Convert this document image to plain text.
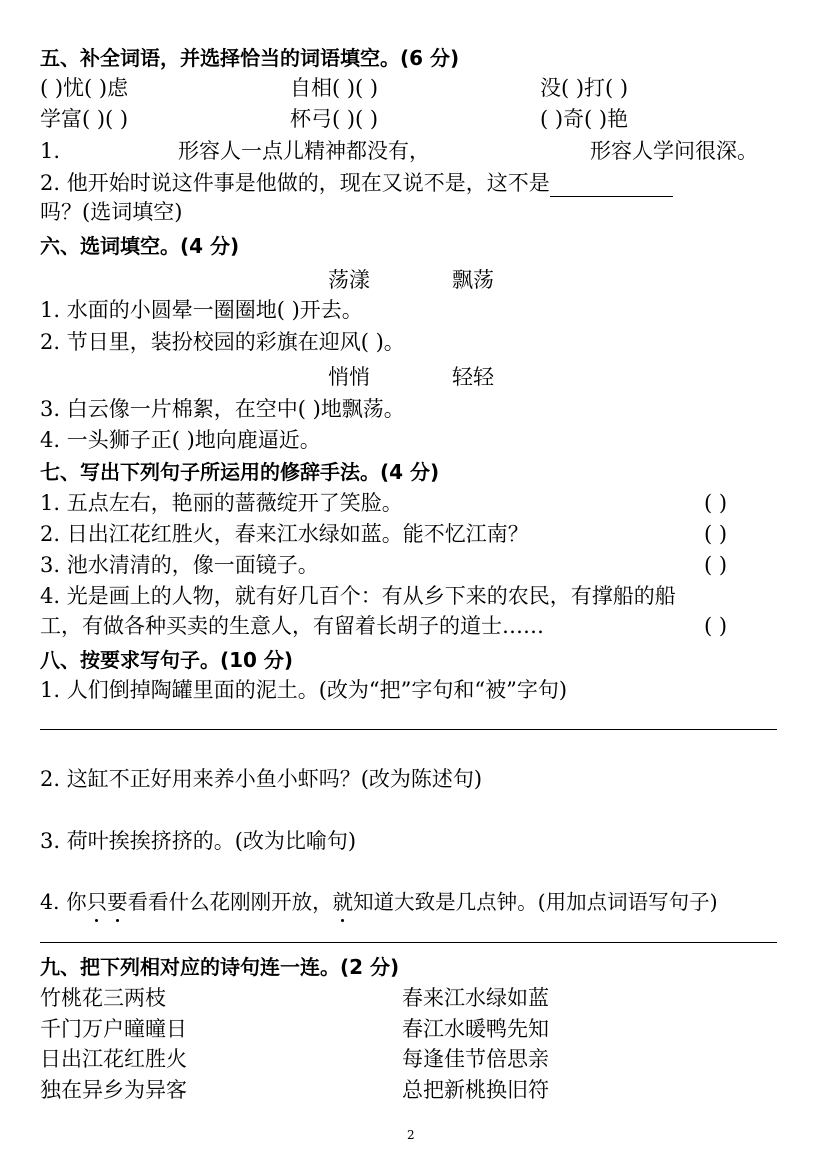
五、补全词语，并选择恰当的词语填空。(6 分)
( )忧( )虑	自相( )( )	没( )打( )
学富( )( )	杯弓( )( )	( )奇( )艳
1.	形容人一点儿精神都没有，	形容人学问很深。
2. 他开始时说这件事是他做的，现在又说不是，这不是
吗？(选词填空)
六、选词填空。(4 分)
荡漾	飘荡
1. 水面的小圆晕一圈圈地( )开去。
2. 节日里，装扮校园的彩旗在迎风( )。
悄悄	轻轻
3. 白云像一片棉絮，在空中( )地飘荡。
4. 一头狮子正( )地向鹿逼近。
七、写出下列句子所运用的修辞手法。(4 分)
1. 五点左右，艳丽的蔷薇绽开了笑脸。	( )
2. 日出江花红胜火，春来江水绿如蓝。能不忆江南？	( )
3. 池水清清的，像一面镜子。	( )
4. 光是画上的人物，就有好几百个：有从乡下来的农民，有撑船的船
工，有做各种买卖的生意人，有留着长胡子的道士……	( )
八、按要求写句子。(10 分)
1. 人们倒掉陶罐里面的泥土。(改为“把”字句和“被”字句)
2. 这缸不正好用来养小鱼小虾吗？(改为陈述句)
3. 荷叶挨挨挤挤的。(改为比喻句)
4. 你只要看看什么花刚刚开放，就知道大致是几点钟。(用加点词语写句子)
九、把下列相对应的诗句连一连。(2 分)
竹桃花三两枝	春来江水绿如蓝
千门万户曈曈日	春江水暖鸭先知
日出江花红胜火	每逢佳节倍思亲
独在异乡为异客	总把新桃换旧符
2
